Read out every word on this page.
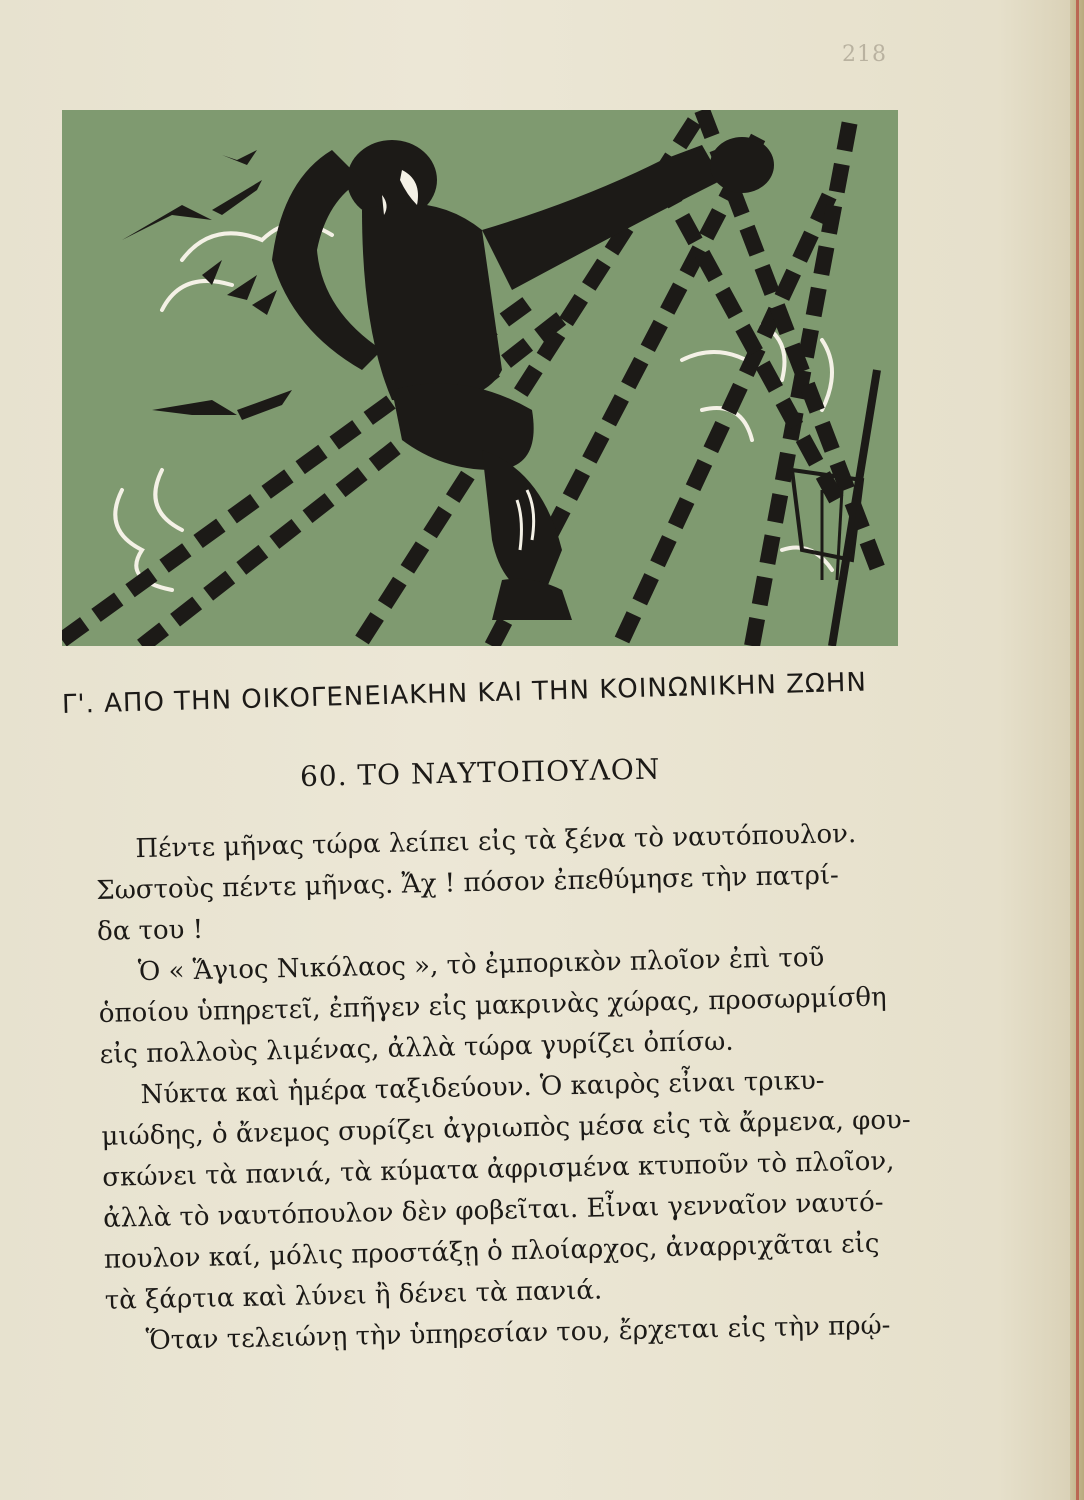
218
Γ'. ΑΠΟ ΤΗΝ ΟΙΚΟΓΕΝΕΙΑΚΗΝ ΚΑΙ ΤΗΝ ΚΟΙΝΩΝΙΚΗΝ ΖΩΗΝ
60. ΤΟ ΝΑΥΤΟΠΟΥΛΟΝ
Πέντε μῆνας τώρα λείπει εἰς τὰ ξένα τὸ ναυτόπουλον.
Σωστοὺς πέντε μῆνας. Ἄχ ! πόσον ἐπεθύμησε τὴν πατρί-
δα του !
Ὁ « Ἅγιος Νικόλαος », τὸ ἐμπορικὸν πλοῖον ἐπὶ τοῦ
ὁποίου ὑπηρετεῖ, ἐπῆγεν εἰς μακρινὰς χώρας, προσωρμίσθη
εἰς πολλοὺς λιμένας, ἀλλὰ τώρα γυρίζει ὀπίσω.
Νύκτα καὶ ἡμέρα ταξιδεύουν. Ὁ καιρὸς εἶναι τρικυ-
μιώδης, ὁ ἄνεμος συρίζει ἀγριωπὸς μέσα εἰς τὰ ἄρμενα, φου-
σκώνει τὰ πανιά, τὰ κύματα ἀφρισμένα κτυποῦν τὸ πλοῖον,
ἀλλὰ τὸ ναυτόπουλον δὲν φοβεῖται. Εἶναι γενναῖον ναυτό-
πουλον καί, μόλις προστάξῃ ὁ πλοίαρχος, ἀναρριχᾶται εἰς
τὰ ξάρτια καὶ λύνει ἢ δένει τὰ πανιά.
Ὅταν τελειώνῃ τὴν ὑπηρεσίαν του, ἔρχεται εἰς τὴν πρῴ-
